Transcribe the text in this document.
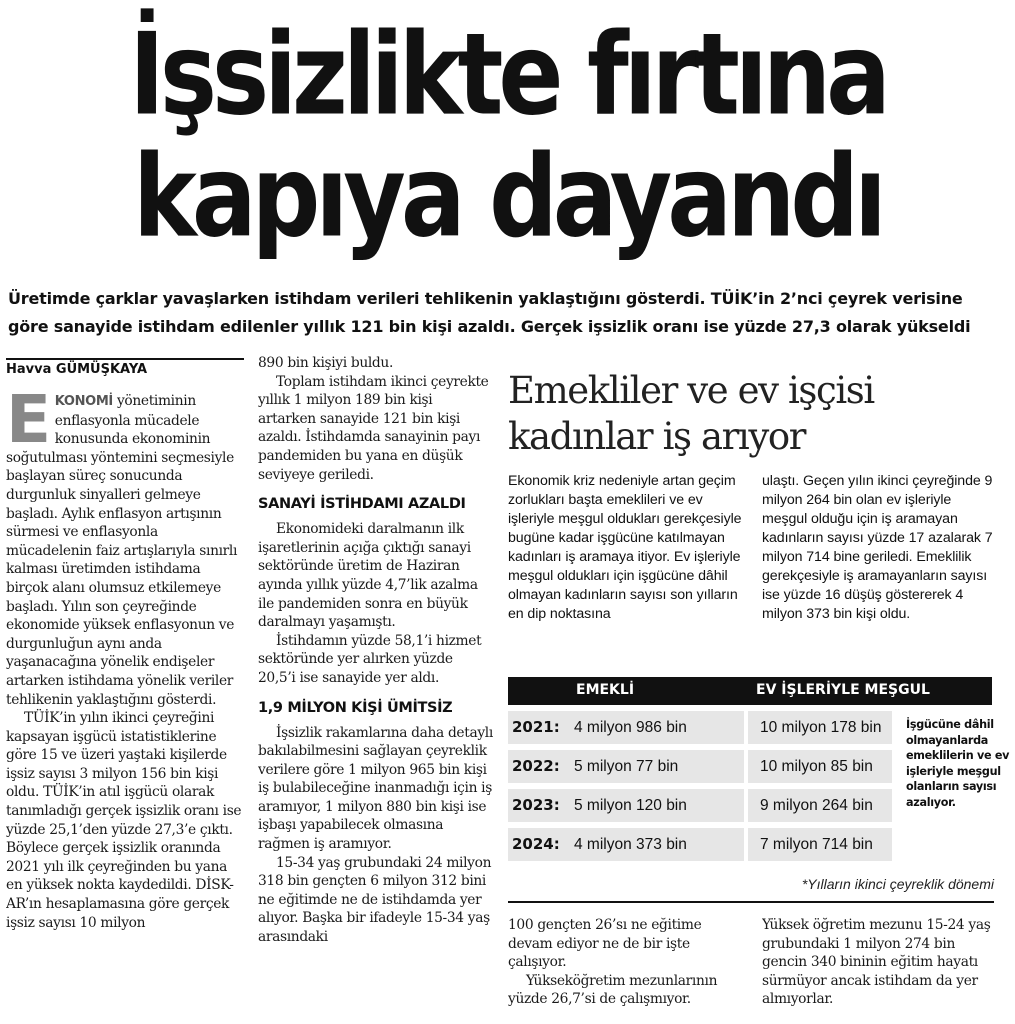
İşsizlikte fırtına
kapıya dayandı
Üretimde çarklar yavaşlarken istihdam verileri tehlikenin yaklaştığını gösterdi. TÜİK’in 2’nci çeyrek verisine
göre sanayide istihdam edilenler yıllık 121 bin kişi azaldı. Gerçek işsizlik oranı ise yüzde 27,3 olarak yükseldi
Havva GÜMÜŞKAYA

EKONOMİ yönetiminin enflasyonla mücadele konusunda ekonominin soğutulması yöntemini seçmesiyle başlayan süreç sonucunda durgunluk sinyalleri gelmeye başladı. Aylık enflasyon artışının sürmesi ve enflasyonla mücadelenin faiz artışlarıyla sınırlı kalması üretimden istihdama birçok alanı olumsuz etkilemeye başladı. Yılın son çeyreğinde ekonomide yüksek enflasyonun ve durgunluğun aynı anda yaşanacağına yönelik endişeler artarken istihdama yönelik veriler tehlikenin yaklaştığını gösterdi.

TÜİK’in yılın ikinci çeyreğini kapsayan işgücü istatistiklerine göre 15 ve üzeri yaştaki kişilerde işsiz sayısı 3 milyon 156 bin kişi oldu. TÜİK’in atıl işgücü olarak tanımladığı gerçek işsizlik oranı ise yüzde 25,1’den yüzde 27,3’e çıktı. Böylece gerçek işsizlik oranında 2021 yılı ilk çeyreğinden bu yana en yüksek nokta kaydedildi. DİSK-AR’ın hesaplamasına göre gerçek işsiz sayısı 10 milyon

890 bin kişiyi buldu.

Toplam istihdam ikinci çeyrekte yıllık 1 milyon 189 bin kişi artarken sanayide 121 bin kişi azaldı. İstihdamda sanayinin payı pandemiden bu yana en düşük seviyeye geriledi.

SANAYİ İSTİHDAMI AZALDI

Ekonomideki daralmanın ilk işaretlerinin açığa çıktığı sanayi sektöründe üretim de Haziran ayında yıllık yüzde 4,7’lik azalma ile pandemiden sonra en büyük daralmayı yaşamıştı.

İstihdamın yüzde 58,1’i hizmet sektöründe yer alırken yüzde 20,5’i ise sanayide yer aldı.

1,9 MİLYON KİŞİ ÜMİTSİZ

İşsizlik rakamlarına daha detaylı bakılabilmesini sağlayan çeyreklik verilere göre 1 milyon 965 bin kişi iş bulabileceğine inanmadığı için iş aramıyor, 1 milyon 880 bin kişi ise işbaşı yapabilecek olmasına rağmen iş aramıyor.

15-34 yaş grubundaki 24 milyon 318 bin gençten 6 milyon 312 bini ne eğitimde ne de istihdamda yer alıyor. Başka bir ifadeyle 15-34 yaş arasındaki

Emekliler ve ev işçisi
kadınlar iş arıyor
Ekonomik kriz nedeniyle artan geçim zorlukları başta emeklileri ve ev işleriyle meşgul oldukları gerekçesiyle bugüne kadar işgücüne katılmayan kadınları iş aramaya itiyor. Ev işleriyle meşgul oldukları için işgücüne dâhil olmayan kadınların sayısı son yılların en dip noktasına
ulaştı. Geçen yılın ikinci çeyreğinde 9 milyon 264 bin olan ev işleriyle meşgul olduğu için iş aramayan kadınların sayısı yüzde 17 azalarak 7 milyon 714 bine geriledi. Emeklilik gerekçesiyle iş aramayanların sayısı ise yüzde 16 düşüş göstererek 4 milyon 373 bin kişi oldu.
EMEKLİ	EV İŞLERİYLE MEŞGUL
2021: 4 milyon 986 bin	10 milyon 178 bin
2022: 5 milyon 77 bin	10 milyon 85 bin
2023: 5 milyon 120 bin	9 milyon 264 bin
2024: 4 milyon 373 bin	7 milyon 714 bin
İşgücüne dâhil olmayanlarda emeklilerin ve ev işleriyle meşgul olanların sayısı azalıyor.
*Yılların ikinci çeyreklik dönemi

100 gençten 26’sı ne eğitime devam ediyor ne de bir işte çalışıyor.

Yükseköğretim mezunlarının yüzde 26,7’si de çalışmıyor.

Yüksek öğretim mezunu 15-24 yaş grubundaki 1 milyon 274 bin gencin 340 bininin eğitim hayatı sürmüyor ancak istihdam da yer almıyorlar.
